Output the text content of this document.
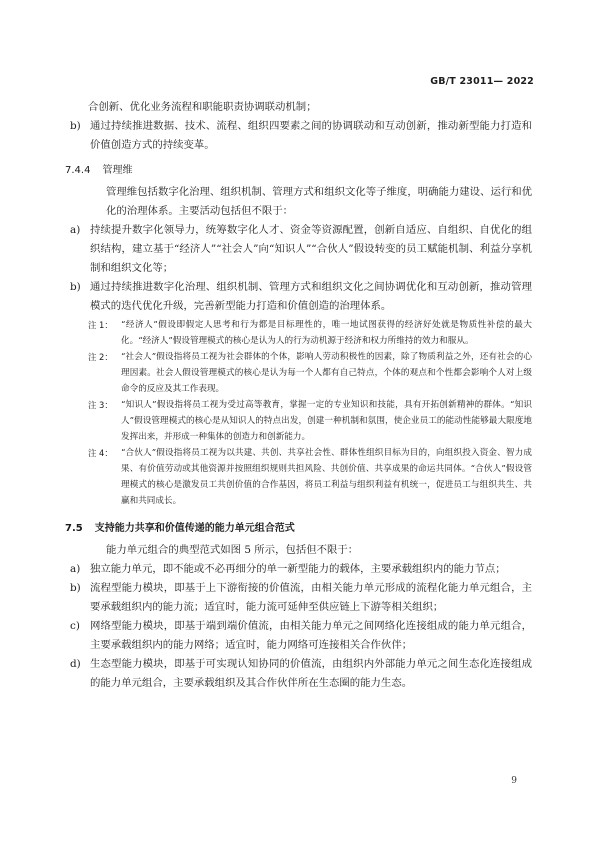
GB/T 23011— 2022

合创新、优化业务流程和职能职责协调联动机制；

b) 通过持续推进数据、技术、流程、组织四要素之间的协调联动和互动创新，推动新型能力打造和价值创造方式的持续变革。
7.4.4 管理维

管理维包括数字化治理、组织机制、管理方式和组织文化等子维度，明确能力建设、运行和优化的治理体系。主要活动包括但不限于：

a) 持续提升数字化领导力，统筹数字化人才、资金等资源配置，创新自适应、自组织、自优化的组织结构，建立基于“经济人”“社会人”向“知识人”“合伙人”假设转变的员工赋能机制、利益分享机制和组织文化等；
b) 通过持续推进数字化治理、组织机制、管理方式和组织文化之间协调优化和互动创新，推动管理模式的迭代优化升级，完善新型能力打造和价值创造的治理体系。
注 1： “经济人”假设即假定人思考和行为都是目标理性的，唯一地试图获得的经济好处就是物质性补偿的最大化。“经济人”假设管理模式的核心是认为人的行为动机源于经济和权力所维持的效力和服从。
注 2： “社会人”假设指将员工视为社会群体的个体，影响人劳动积极性的因素，除了物质利益之外，还有社会的心理因素。社会人假设管理模式的核心是认为每一个人都有自己特点，个体的观点和个性都会影响个人对上级命令的反应及其工作表现。
注 3： “知识人”假设指将员工视为受过高等教育，掌握一定的专业知识和技能，具有开拓创新精神的群体。“知识人”假设管理模式的核心是从知识人的特点出发，创建一种机制和氛围，使企业员工的能动性能够最大限度地发挥出来，并形成一种集体的创造力和创新能力。
注 4： “合伙人”假设指将员工视为以共建、共创、共享社会性、群体性组织目标为目的，向组织投入资金、智力成果、有价值劳动或其他资源并按照组织规则共担风险、共创价值、共享成果的命运共同体。“合伙人”假设管理模式的核心是激发员工共创价值的合作基因，将员工利益与组织利益有机统一，促进员工与组织共生、共赢和共同成长。
7.5 支持能力共享和价值传递的能力单元组合范式

能力单元组合的典型范式如图 5 所示，包括但不限于：

a) 独立能力单元，即不能或不必再细分的单一新型能力的载体，主要承载组织内的能力节点；
b) 流程型能力模块，即基于上下游衔接的价值流，由相关能力单元形成的流程化能力单元组合，主要承载组织内的能力流；适宜时，能力流可延伸至供应链上下游等相关组织；
c) 网络型能力模块，即基于端到端价值流，由相关能力单元之间网络化连接组成的能力单元组合，主要承载组织内的能力网络；适宜时，能力网络可连接相关合作伙伴；
d) 生态型能力模块，即基于可实现认知协同的价值流，由组织内外部能力单元之间生态化连接组成的能力单元组合，主要承载组织及其合作伙伴所在生态圈的能力生态。
9
